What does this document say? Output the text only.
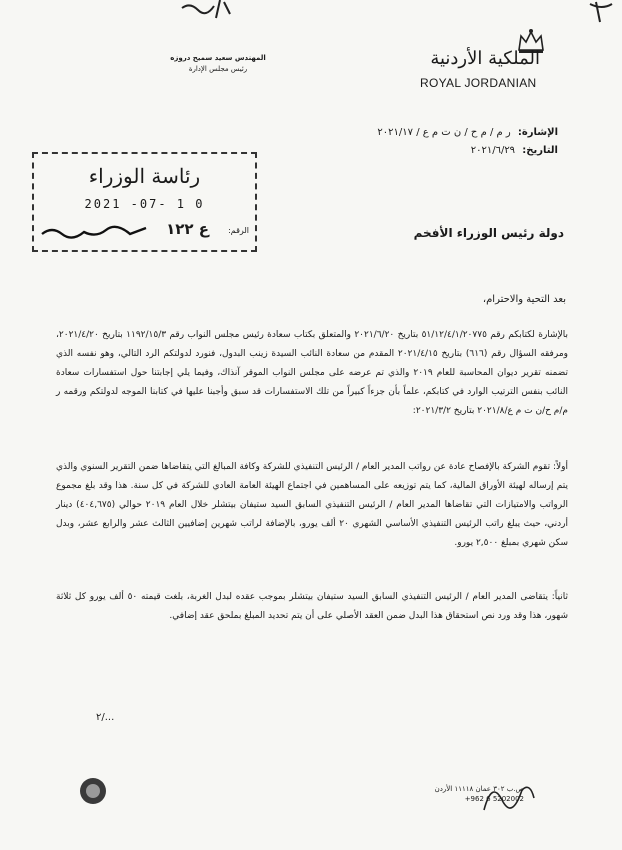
المهندس سعيد سميح دروزه
رئيس مجلس الإدارة	الملكية الأردنية
ROYAL JORDANIAN
الإشارة: ر م / م ح / ن ت م ع / ٢٠٢١/١٧
التاريخ: ٢٠٢١/٦/٢٩
رئاسة الوزراء
2021 -07- 1 0
الرقم:
ع ١٢٢	دولة رئيس الوزراء الأفخم
بعد التحية والاحترام،
بالإشارة لكتابكم رقم ٥١/١٢/٤/١/٢٠٧٧٥ بتاريخ ٢٠٢١/٦/٢٠ والمتعلق بكتاب سعادة رئيس مجلس النواب رقم ١١٩٢/١٥/٣ بتاريخ ٢٠٢١/٤/٢٠، ومرفقه السؤال رقم (٦١٦) بتاريخ ٢٠٢١/٤/١٥ المقدم من سعادة النائب السيدة زينب البدول، فنورد لدولتكم الرد التالي، وهو نفسه الذي تضمنه تقرير ديوان المحاسبة للعام ٢٠١٩ والذي تم عرضه على مجلس النواب الموقر آنذاك، وفيما يلي إجابتنا حول استفسارات سعادة النائب بنفس الترتيب الوارد في كتابكم، علماً بأن جزءاً كبيراً من تلك الاستفسارات قد سبق وأجبنا عليها في كتابنا الموجه لدولتكم ورقمه ر م/م ح/ن ت م ع/٢٠٢١/٨ بتاريخ ٢٠٢١/٣/٢:
أولاً: تقوم الشركة بالإفصاح عادة عن رواتب المدير العام / الرئيس التنفيذي للشركة وكافة المبالغ التي يتقاضاها ضمن التقرير السنوي والذي يتم إرساله لهيئة الأوراق المالية، كما يتم توزيعه على المساهمين في اجتماع الهيئة العامة العادي للشركة في كل سنة. هذا وقد بلغ مجموع الرواتب والامتيازات التي تقاضاها المدير العام / الرئيس التنفيذي السابق السيد ستيفان بيتشلر خلال العام ٢٠١٩ حوالي (٤٠٤,٦٧٥) دينار أردني، حيث يبلغ راتب الرئيس التنفيذي الأساسي الشهري ٢٠ ألف يورو، بالإضافة لراتب شهرين إضافيين الثالث عشر والرابع عشر، وبدل سكن شهري بمبلغ ٢,٥٠٠ يورو.
ثانياً: يتقاضى المدير العام / الرئيس التنفيذي السابق السيد ستيفان بيتشلر بموجب عقده لبدل الغربة، بلغت قيمته ٥٠ ألف يورو كل ثلاثة شهور، هذا وقد ورد نص استحقاق هذا البدل ضمن العقد الأصلي على أن يتم تحديد المبلغ بملحق عقد إضافي.
٢/...
ص.ب ٣٠٢ عمان ١١١١٨ الأردن
+962 6 5202002
